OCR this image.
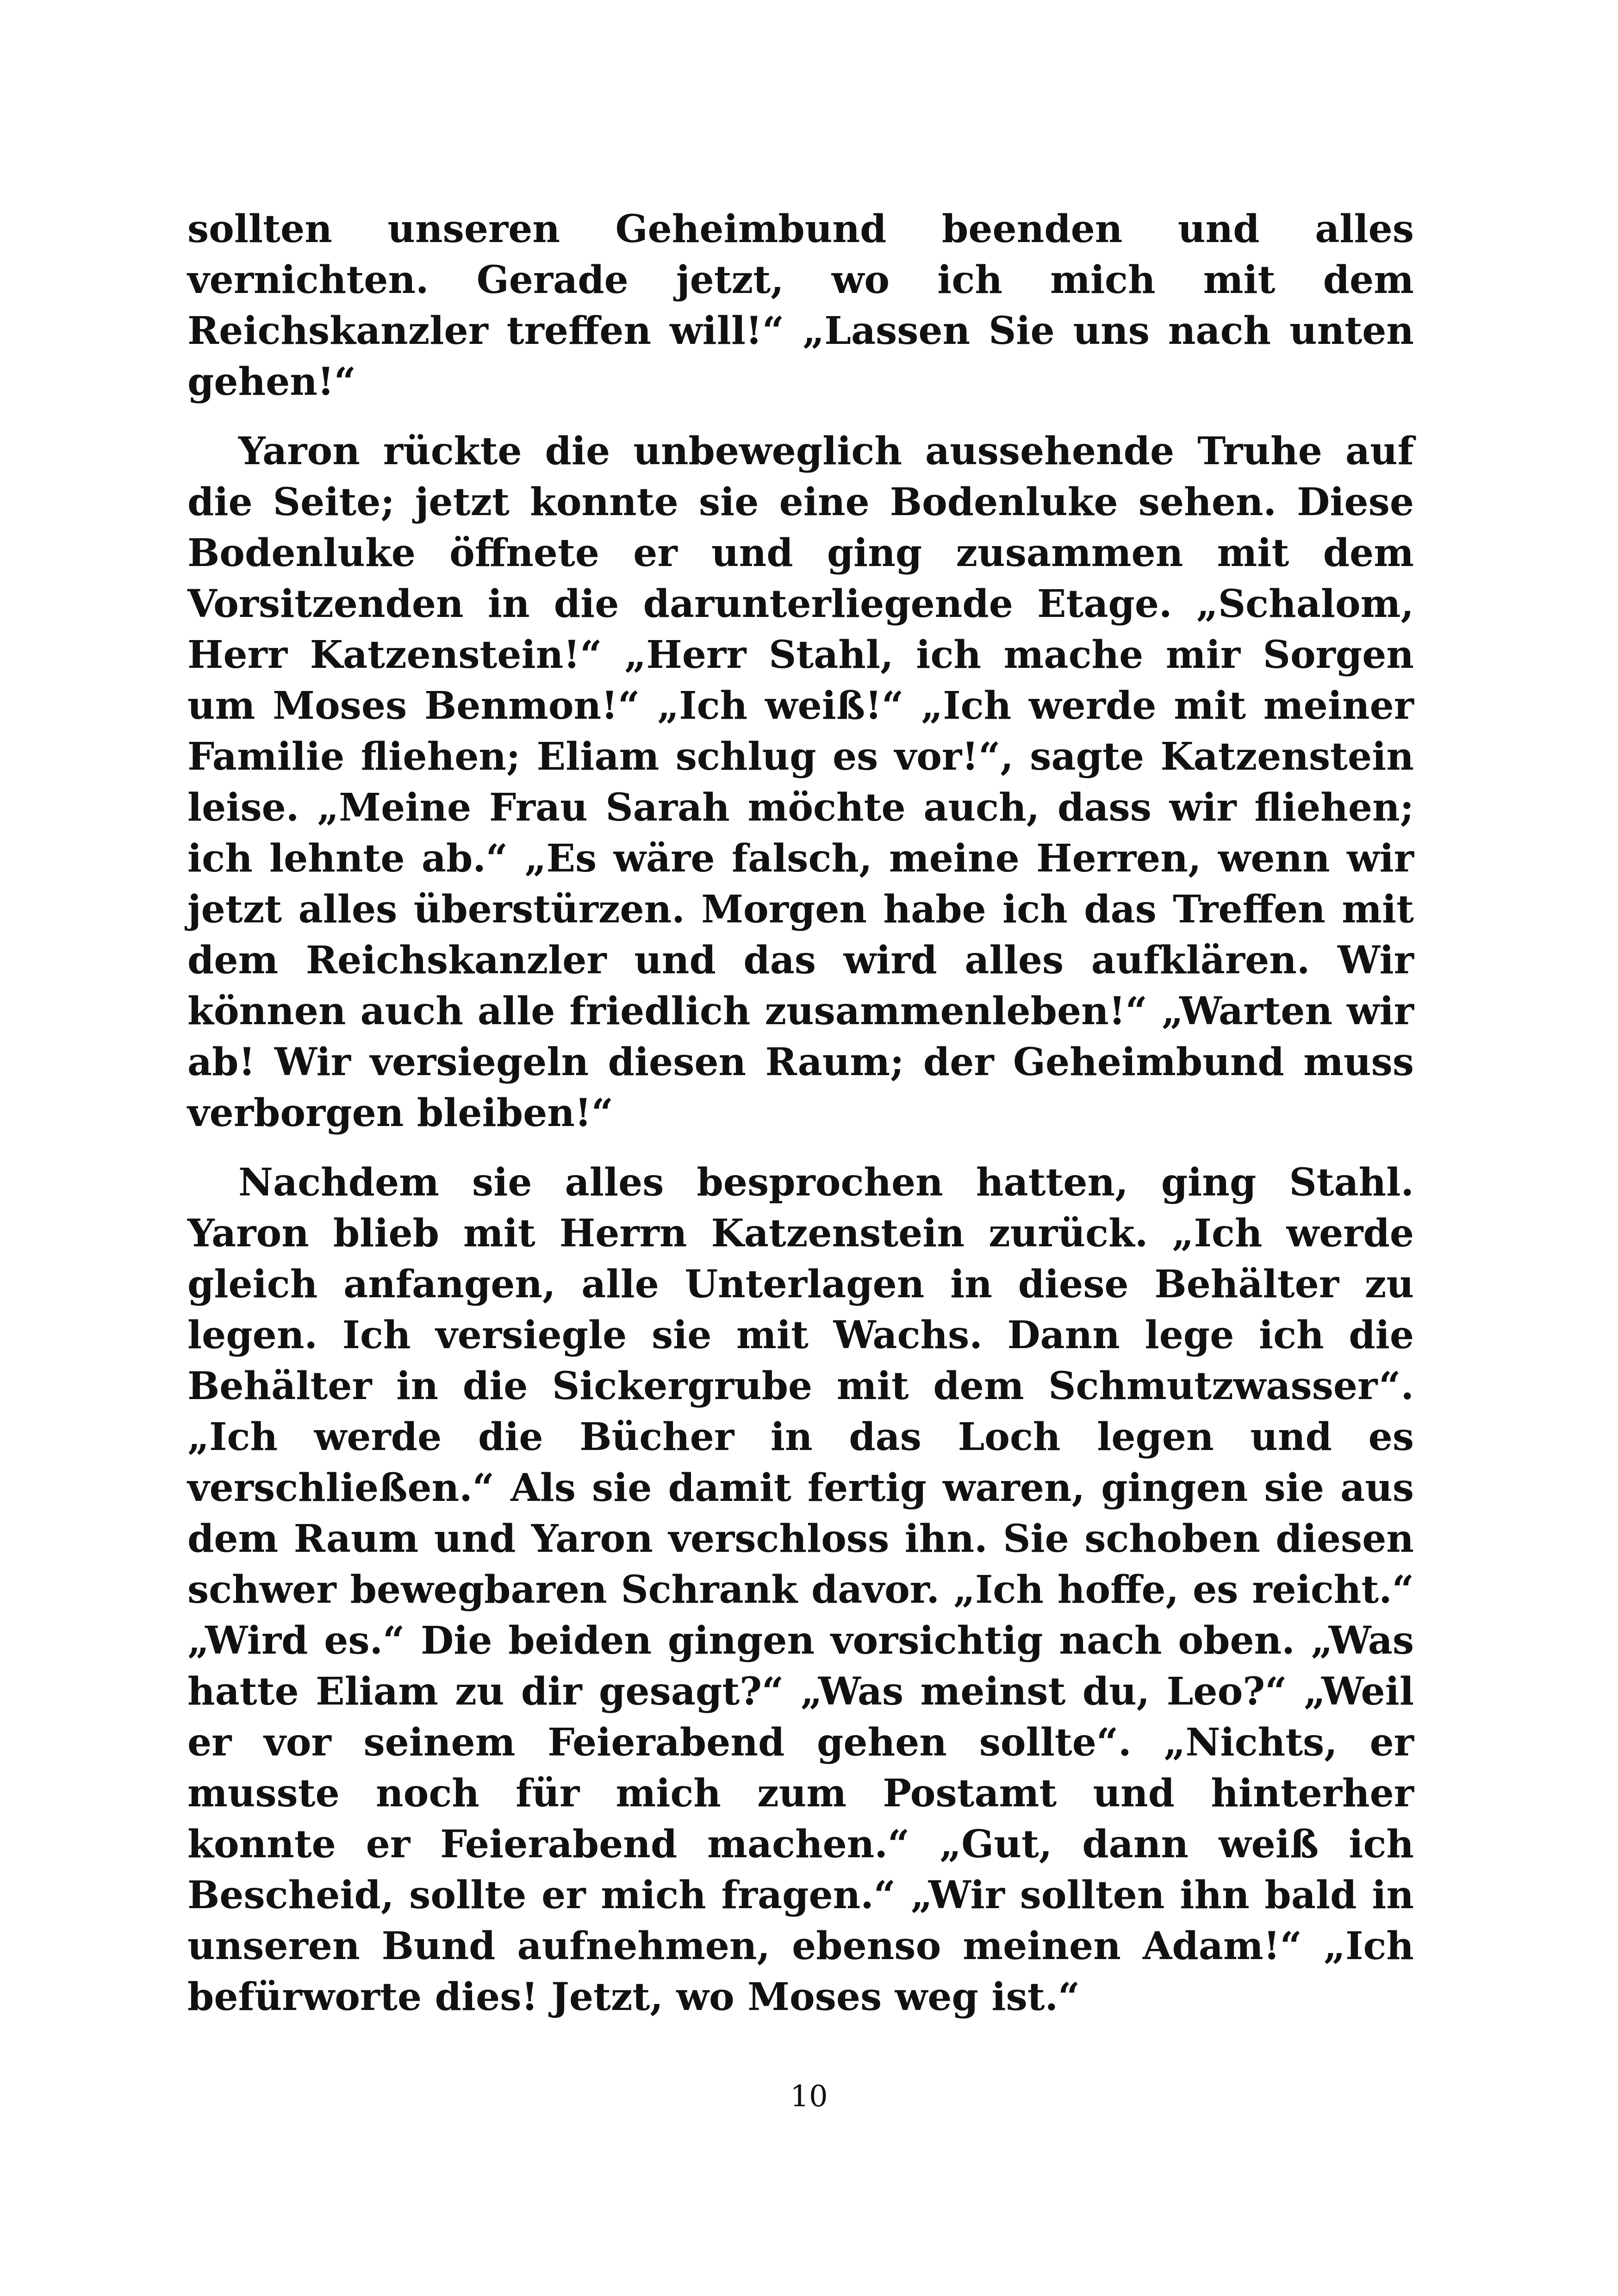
sollten unseren Geheimbund beenden und alles vernichten. Gerade jetzt, wo ich mich mit dem Reichskanzler treffen will!“ „Lassen Sie uns nach unten gehen!“

Yaron rückte die unbeweglich aussehende Truhe auf die Seite; jetzt konnte sie eine Bodenluke sehen. Diese Bodenluke öffnete er und ging zusammen mit dem Vorsitzenden in die darunterliegende Etage. „Schalom, Herr Katzenstein!“ „Herr Stahl, ich mache mir Sorgen um Moses Benmon!“ „Ich weiß!“ „Ich werde mit meiner Familie fliehen; Eliam schlug es vor!“, sagte Katzenstein leise. „Meine Frau Sarah möchte auch, dass wir fliehen; ich lehnte ab.“ „Es wäre falsch, meine Herren, wenn wir jetzt alles überstürzen. Morgen habe ich das Treffen mit dem Reichskanzler und das wird alles aufklären. Wir können auch alle friedlich zusammenleben!“ „Warten wir ab! Wir versiegeln diesen Raum; der Geheimbund muss verborgen bleiben!“

Nachdem sie alles besprochen hatten, ging Stahl. Yaron blieb mit Herrn Katzenstein zurück. „Ich werde gleich anfangen, alle Unterlagen in diese Behälter zu legen. Ich versiegle sie mit Wachs. Dann lege ich die Behälter in die Sickergrube mit dem Schmutzwasser“. „Ich werde die Bücher in das Loch legen und es verschließen.“ Als sie damit fertig waren, gingen sie aus dem Raum und Yaron verschloss ihn. Sie schoben diesen schwer bewegbaren Schrank davor. „Ich hoffe, es reicht.“ „Wird es.“ Die beiden gingen vorsichtig nach oben. „Was hatte Eliam zu dir gesagt?“ „Was meinst du, Leo?“ „Weil er vor seinem Feierabend gehen sollte“. „Nichts, er musste noch für mich zum Postamt und hinterher konnte er Feierabend machen.“ „Gut, dann weiß ich Bescheid, sollte er mich fragen.“ „Wir sollten ihn bald in unseren Bund aufnehmen, ebenso meinen Adam!“ „Ich befürworte dies! Jetzt, wo Moses weg ist.“

10
